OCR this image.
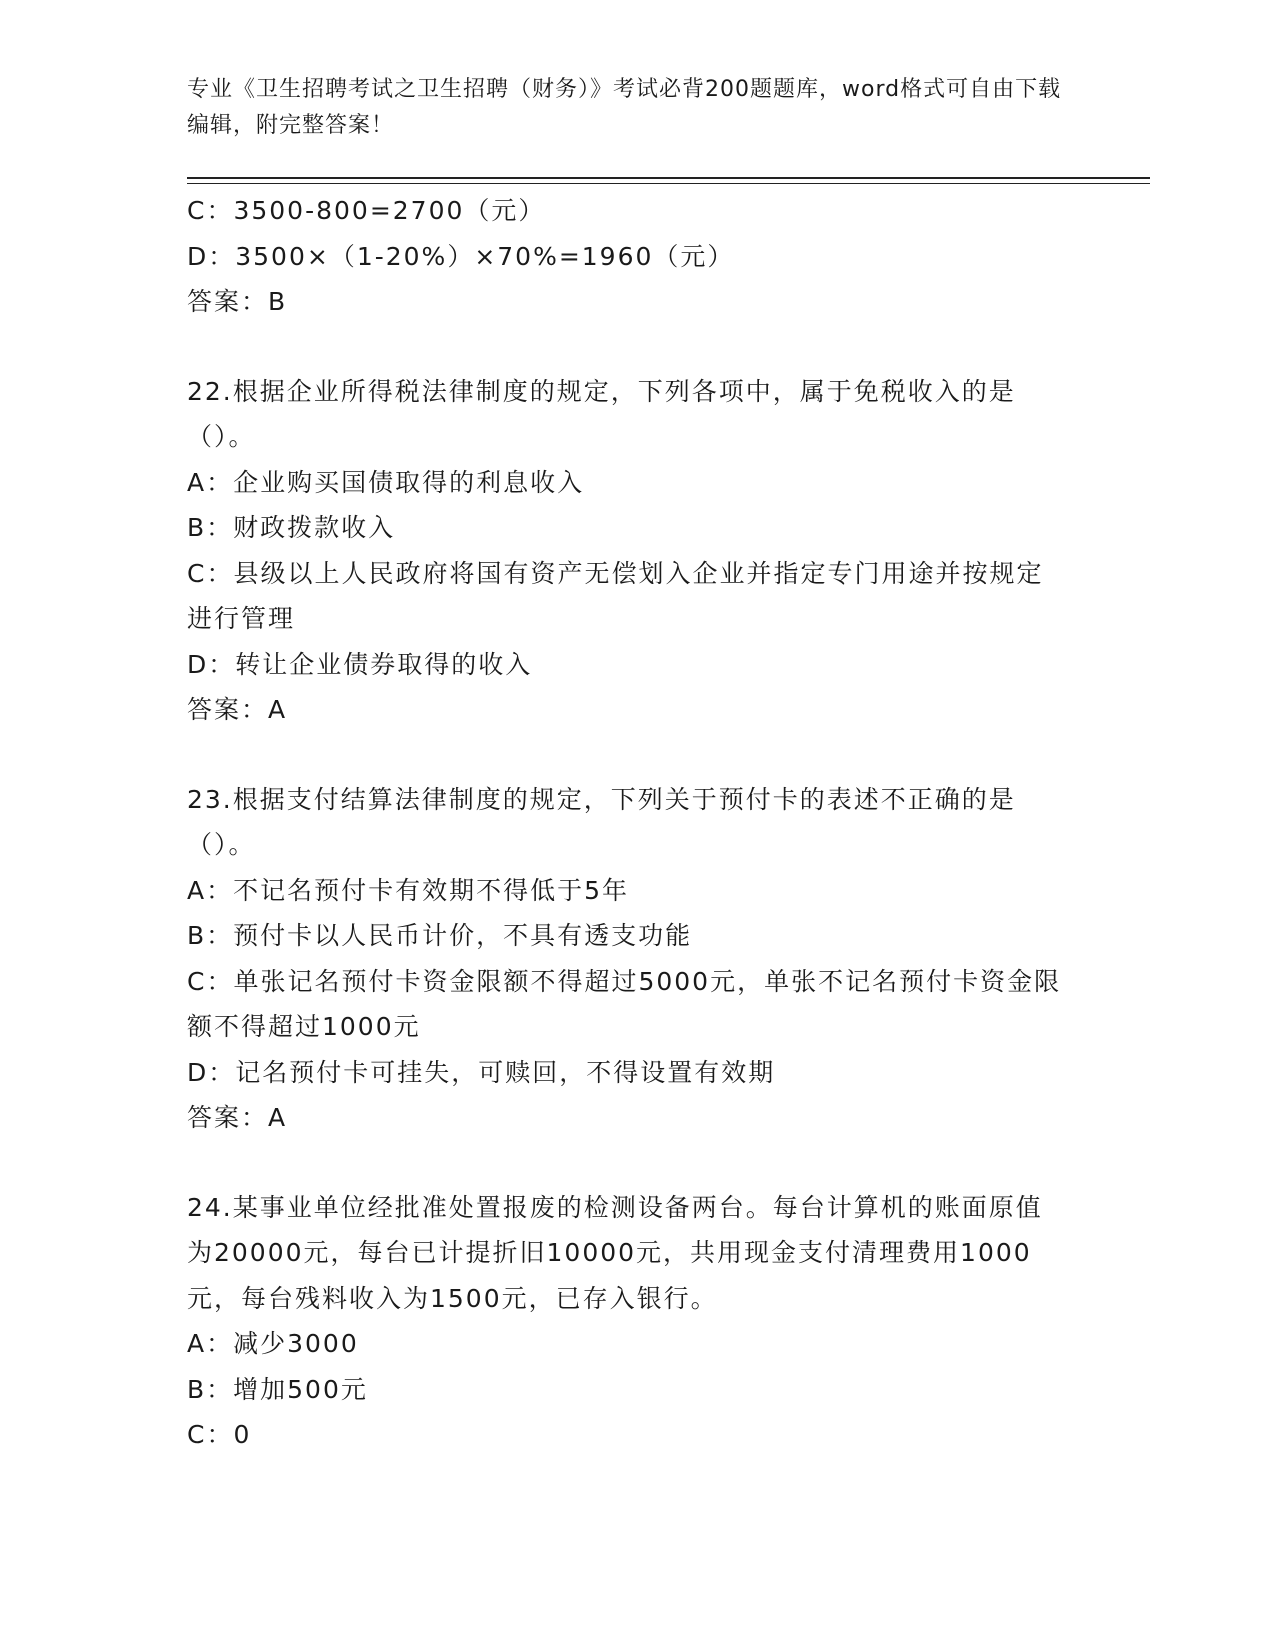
专业《卫生招聘考试之卫生招聘（财务）》考试必背200题题库，word格式可自由下载编辑，附完整答案！

C：3500-800=2700（元）

D：3500×（1-20%）×70%=1960（元）

答案：B

22.根据企业所得税法律制度的规定，下列各项中，属于免税收入的是（）。

A：企业购买国债取得的利息收入

B：财政拨款收入

C：县级以上人民政府将国有资产无偿划入企业并指定专门用途并按规定进行管理

D：转让企业债券取得的收入

答案：A

23.根据支付结算法律制度的规定，下列关于预付卡的表述不正确的是（）。

A：不记名预付卡有效期不得低于5年

B：预付卡以人民币计价，不具有透支功能

C：单张记名预付卡资金限额不得超过5000元，单张不记名预付卡资金限额不得超过1000元

D：记名预付卡可挂失，可赎回，不得设置有效期

答案：A

24.某事业单位经批准处置报废的检测设备两台。每台计算机的账面原值为20000元，每台已计提折旧10000元，共用现金支付清理费用1000元，每台残料收入为1500元，已存入银行。

A：减少3000

B：增加500元

C：0
